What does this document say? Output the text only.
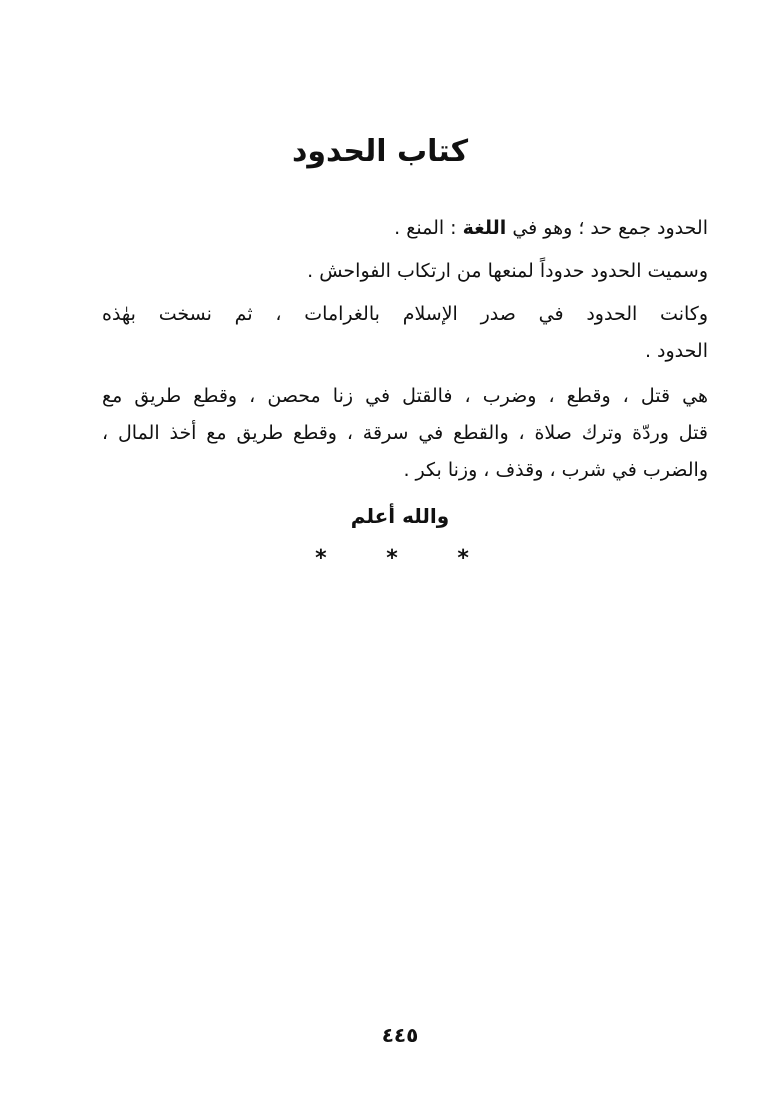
كتاب الحدود
الحدود جمع حد ؛ وهو في اللغة : المنع .
وسميت الحدود حدوداً لمنعها من ارتكاب الفواحش .
وكانت الحدود في صدر الإسلام بالغرامات ، ثم نسخت بهٰذه
الحدود .
هي قتل ، وقطع ، وضرب ، فالقتل في زنا محصن ، وقطع طريق مع
قتل وردّة وترك صلاة ، والقطع في سرقة ، وقطع طريق مع أخذ المال ،
والضرب في شرب ، وقذف ، وزنا بكر .
والله أعلم
* * *
٤٤٥
